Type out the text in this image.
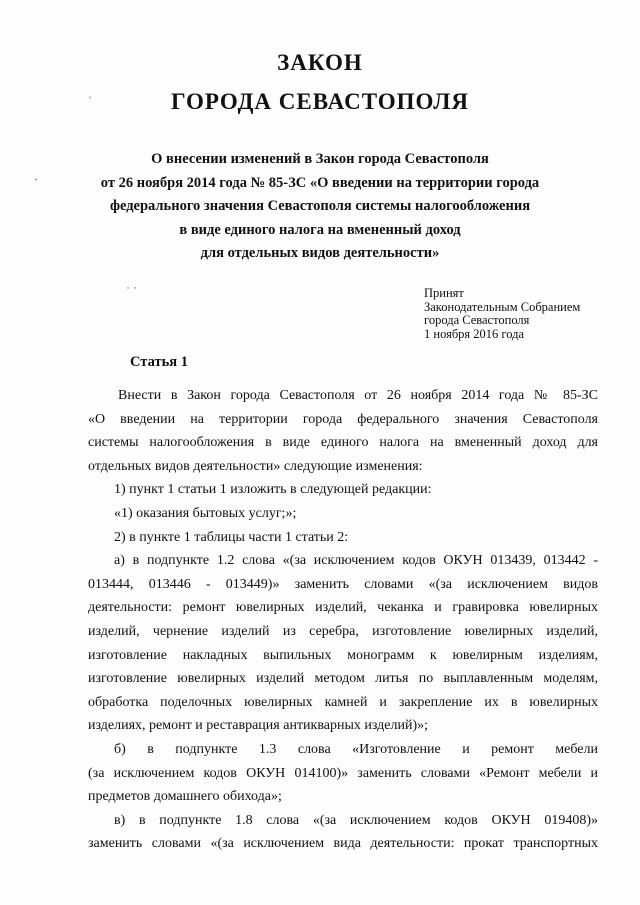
ЗАКОН
ГОРОДА СЕВАСТОПОЛЯ
О внесении изменений в Закон города Севастополя
от 26 ноября 2014 года № 85-ЗС «О введении на территории города
федерального значения Севастополя системы налогообложения
в виде единого налога на вмененный доход
для отдельных видов деятельности»
Принят
Законодательным Собранием
города Севастополя
1 ноября 2016 года
Статья 1
Внести в Закон города Севастополя от 26 ноября 2014 года № 85-ЗС
«О введении на территории города федерального значения Севастополя
системы налогообложения в виде единого налога на вмененный доход для
отдельных видов деятельности» следующие изменения:
1) пункт 1 статьи 1 изложить в следующей редакции:
«1) оказания бытовых услуг;»;
2) в пункте 1 таблицы части 1 статьи 2:
а) в подпункте 1.2 слова «(за исключением кодов ОКУН 013439, 013442 -
013444, 013446 - 013449)» заменить словами «(за исключением видов
деятельности: ремонт ювелирных изделий, чеканка и гравировка ювелирных
изделий, чернение изделий из серебра, изготовление ювелирных изделий,
изготовление накладных выпильных монограмм к ювелирным изделиям,
изготовление ювелирных изделий методом литья по выплавленным моделям,
обработка поделочных ювелирных камней и закрепление их в ювелирных
изделиях, ремонт и реставрация антикварных изделий)»;
б) в подпункте 1.3 слова «Изготовление и ремонт мебели
(за исключением кодов ОКУН 014100)» заменить словами «Ремонт мебели и
предметов домашнего обихода»;
в) в подпункте 1.8 слова «(за исключением кодов ОКУН 019408)»
заменить словами «(за исключением вида деятельности: прокат транспортных
ˊ
ˈ
˙ ˙
